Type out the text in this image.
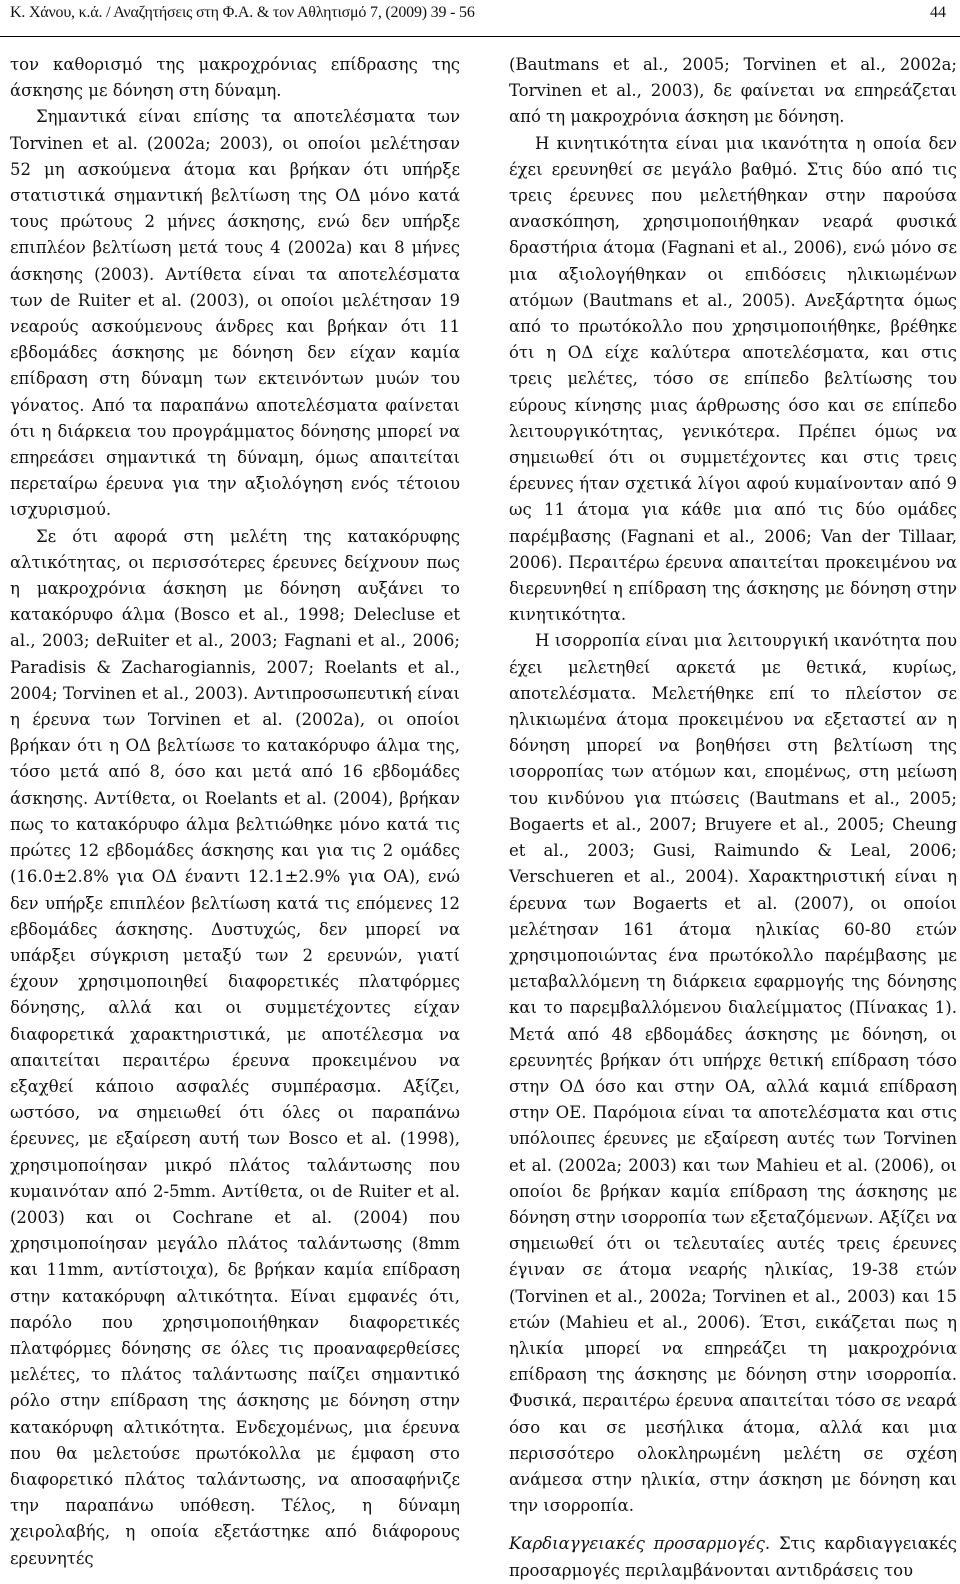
Κ. Χάνου, κ.ά. / Αναζητήσεις στη Φ.Α. & τον Αθλητισμό 7, (2009) 39 - 56	44

τον καθορισμό της μακροχρόνιας επίδρασης της άσκησης με δόνηση στη δύναμη.

Σημαντικά είναι επίσης τα αποτελέσματα των Torvinen et al. (2002a; 2003), οι οποίοι μελέτησαν 52 μη ασκούμενα άτομα και βρήκαν ότι υπήρξε στατιστικά σημαντική βελτίωση της ΟΔ μόνο κατά τους πρώτους 2 μήνες άσκησης, ενώ δεν υπήρξε επιπλέον βελτίωση μετά τους 4 (2002a) και 8 μήνες άσκησης (2003). Αντίθετα είναι τα αποτελέσματα των de Ruiter et al. (2003), οι οποίοι μελέτησαν 19 νεαρούς ασκούμενους άνδρες και βρήκαν ότι 11 εβδομάδες άσκησης με δόνηση δεν είχαν καμία επίδραση στη δύναμη των εκτεινόντων μυών του γόνατος. Από τα παραπάνω αποτελέσματα φαίνεται ότι η διάρκεια του προγράμματος δόνησης μπορεί να επηρεάσει σημαντικά τη δύναμη, όμως απαιτείται περεταίρω έρευνα για την αξιολόγηση ενός τέτοιου ισχυρισμού.

Σε ότι αφορά στη μελέτη της κατακόρυφης αλτικότητας, οι περισσότερες έρευνες δείχνουν πως η μακροχρόνια άσκηση με δόνηση αυξάνει το κατακόρυφο άλμα (Bosco et al., 1998; Delecluse et al., 2003; deRuiter et al., 2003; Fagnani et al., 2006; Paradisis & Zacharogiannis, 2007; Roelants et al., 2004; Torvinen et al., 2003). Αντιπροσωπευτική είναι η έρευνα των Torvinen et al. (2002a), οι οποίοι βρήκαν ότι η ΟΔ βελτίωσε το κατακόρυφο άλμα της, τόσο μετά από 8, όσο και μετά από 16 εβδομάδες άσκησης. Αντίθετα, οι Roelants et al. (2004), βρήκαν πως το κατακόρυφο άλμα βελτιώθηκε μόνο κατά τις πρώτες 12 εβδομάδες άσκησης και για τις 2 ομάδες (16.0±2.8% για ΟΔ έναντι 12.1±2.9% για ΟΑ), ενώ δεν υπήρξε επιπλέον βελτίωση κατά τις επόμενες 12 εβδομάδες άσκησης. Δυστυχώς, δεν μπορεί να υπάρξει σύγκριση μεταξύ των 2 ερευνών, γιατί έχουν χρησιμοποιηθεί διαφορετικές πλατφόρμες δόνησης, αλλά και οι συμμετέχοντες είχαν διαφορετικά χαρακτηριστικά, με αποτέλεσμα να απαιτείται περαιτέρω έρευνα προκειμένου να εξαχθεί κάποιο ασφαλές συμπέρασμα. Αξίζει, ωστόσο, να σημειωθεί ότι όλες οι παραπάνω έρευνες, με εξαίρεση αυτή των Bosco et al. (1998), χρησιμοποίησαν μικρό πλάτος ταλάντωσης που κυμαινόταν από 2-5mm. Αντίθετα, οι de Ruiter et al. (2003) και οι Cochrane et al. (2004) που χρησιμοποίησαν μεγάλο πλάτος ταλάντωσης (8mm και 11mm, αντίστοιχα), δε βρήκαν καμία επίδραση στην κατακόρυφη αλτικότητα. Είναι εμφανές ότι, παρόλο που χρησιμοποιήθηκαν διαφορετικές πλατφόρμες δόνησης σε όλες τις προαναφερθείσες μελέτες, το πλάτος ταλάντωσης παίζει σημαντικό ρόλο στην επίδραση της άσκησης με δόνηση στην κατακόρυφη αλτικότητα. Ενδεχομένως, μια έρευνα που θα μελετούσε πρωτόκολλα με έμφαση στο διαφορετικό πλάτος ταλάντωσης, να αποσαφήνιζε την παραπάνω υπόθεση. Τέλος, η δύναμη χειρολαβής, η οποία εξετάστηκε από διάφορους ερευνητές

(Bautmans et al., 2005; Torvinen et al., 2002a; Torvinen et al., 2003), δε φαίνεται να επηρεάζεται από τη μακροχρόνια άσκηση με δόνηση.

Η κινητικότητα είναι μια ικανότητα η οποία δεν έχει ερευνηθεί σε μεγάλο βαθμό. Στις δύο από τις τρεις έρευνες που μελετήθηκαν στην παρούσα ανασκόπηση, χρησιμοποιήθηκαν νεαρά φυσικά δραστήρια άτομα (Fagnani et al., 2006), ενώ μόνο σε μια αξιολογήθηκαν οι επιδόσεις ηλικιωμένων ατόμων (Bautmans et al., 2005). Ανεξάρτητα όμως από το πρωτόκολλο που χρησιμοποιήθηκε, βρέθηκε ότι η ΟΔ είχε καλύτερα αποτελέσματα, και στις τρεις μελέτες, τόσο σε επίπεδο βελτίωσης του εύρους κίνησης μιας άρθρωσης όσο και σε επίπεδο λειτουργικότητας, γενικότερα. Πρέπει όμως να σημειωθεί ότι οι συμμετέχοντες και στις τρεις έρευνες ήταν σχετικά λίγοι αφού κυμαίνονταν από 9 ως 11 άτομα για κάθε μια από τις δύο ομάδες παρέμβασης (Fagnani et al., 2006; Van der Tillaar, 2006). Περαιτέρω έρευνα απαιτείται προκειμένου να διερευνηθεί η επίδραση της άσκησης με δόνηση στην κινητικότητα.

Η ισορροπία είναι μια λειτουργική ικανότητα που έχει μελετηθεί αρκετά με θετικά, κυρίως, αποτελέσματα. Μελετήθηκε επί το πλείστον σε ηλικιωμένα άτομα προκειμένου να εξεταστεί αν η δόνηση μπορεί να βοηθήσει στη βελτίωση της ισορροπίας των ατόμων και, επομένως, στη μείωση του κινδύνου για πτώσεις (Bautmans et al., 2005; Bogaerts et al., 2007; Bruyere et al., 2005; Cheung et al., 2003; Gusi, Raimundo & Leal, 2006; Verschueren et al., 2004). Χαρακτηριστική είναι η έρευνα των Bogaerts et al. (2007), οι οποίοι μελέτησαν 161 άτομα ηλικίας 60-80 ετών χρησιμοποιώντας ένα πρωτόκολλο παρέμβασης με μεταβαλλόμενη τη διάρκεια εφαρμογής της δόνησης και το παρεμβαλλόμενου διαλείμματος (Πίνακας 1). Μετά από 48 εβδομάδες άσκησης με δόνηση, οι ερευνητές βρήκαν ότι υπήρχε θετική επίδραση τόσο στην ΟΔ όσο και στην ΟΑ, αλλά καμιά επίδραση στην ΟΕ. Παρόμοια είναι τα αποτελέσματα και στις υπόλοιπες έρευνες με εξαίρεση αυτές των Torvinen et al. (2002a; 2003) και των Mahieu et al. (2006), οι οποίοι δε βρήκαν καμία επίδραση της άσκησης με δόνηση στην ισορροπία των εξεταζόμενων. Αξίζει να σημειωθεί ότι οι τελευταίες αυτές τρεις έρευνες έγιναν σε άτομα νεαρής ηλικίας, 19-38 ετών (Torvinen et al., 2002a; Torvinen et al., 2003) και 15 ετών (Mahieu et al., 2006). Έτσι, εικάζεται πως η ηλικία μπορεί να επηρεάζει τη μακροχρόνια επίδραση της άσκησης με δόνηση στην ισορροπία. Φυσικά, περαιτέρω έρευνα απαιτείται τόσο σε νεαρά όσο και σε μεσήλικα άτομα, αλλά και μια περισσότερο ολοκληρωμένη μελέτη σε σχέση ανάμεσα στην ηλικία, στην άσκηση με δόνηση και την ισορροπία.

Καρδιαγγειακές προσαρμογές. Στις καρδιαγγειακές προσαρμογές περιλαμβάνονται αντιδράσεις του
